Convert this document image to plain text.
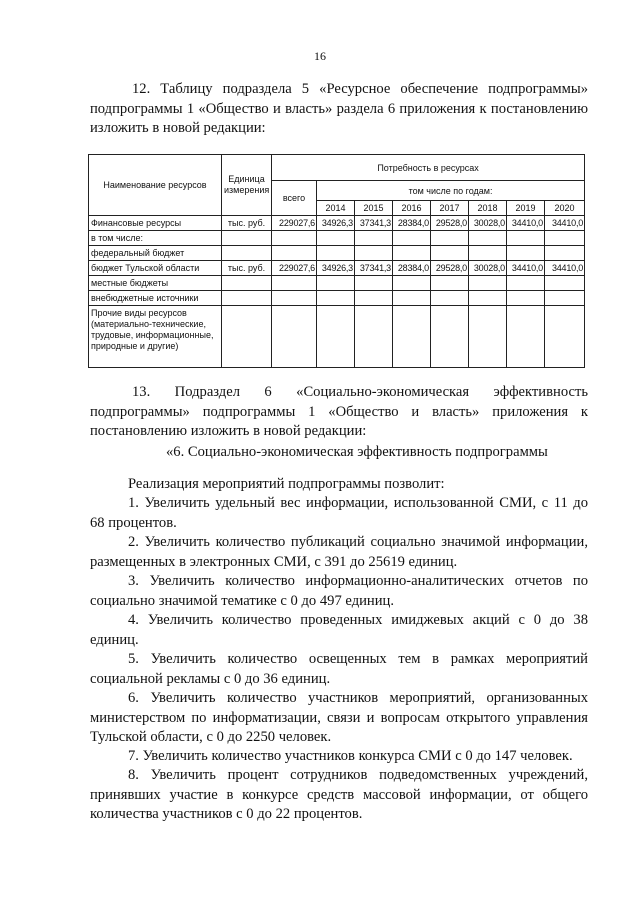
16

12. Таблицу подраздела 5 «Ресурсное обеспечение подпрограммы» подпрограммы 1 «Общество и власть» раздела 6 приложения к постановлению изложить в новой редакции:

Наименование ресурсов	Единица измерения	Потребность в ресурсах							
		всего	том числе по годам:						
			2014	2015	2016	2017	2018	2019	2020
Финансовые ресурсы	тыс. руб.	229027,6	34926,3	37341,3	28384,0	29528,0	30028,0	34410,0	34410,0
в том числе:									
федеральный бюджет									
бюджет Тульской области	тыс. руб.	229027,6	34926,3	37341,3	28384,0	29528,0	30028,0	34410,0	34410,0
местные бюджеты									
внебюджетные источники									
Прочие виды ресурсов (материально-технические, трудовые, информационные, природные и другие)									

13. Подраздел 6 «Социально-экономическая эффективность подпрограммы» подпрограммы 1 «Общество и власть» приложения к постановлению изложить в новой редакции:

«6. Социально-экономическая эффективность подпрограммы

Реализация мероприятий подпрограммы позволит:

1. Увеличить удельный вес информации, использованной СМИ, с 11 до 68 процентов.

2. Увеличить количество публикаций социально значимой информации, размещенных в электронных СМИ, с 391 до 25619 единиц.

3. Увеличить количество информационно-аналитических отчетов по социально значимой тематике с 0 до 497 единиц.

4. Увеличить количество проведенных имиджевых акций с 0 до 38 единиц.

5. Увеличить количество освещенных тем в рамках мероприятий социальной рекламы с 0 до 36 единиц.

6. Увеличить количество участников мероприятий, организованных министерством по информатизации, связи и вопросам открытого управления Тульской области, с 0 до 2250 человек.

7. Увеличить количество участников конкурса СМИ с 0 до 147 человек.

8. Увеличить процент сотрудников подведомственных учреждений, принявших участие в конкурсе средств массовой информации, от общего количества участников с 0 до 22 процентов.
